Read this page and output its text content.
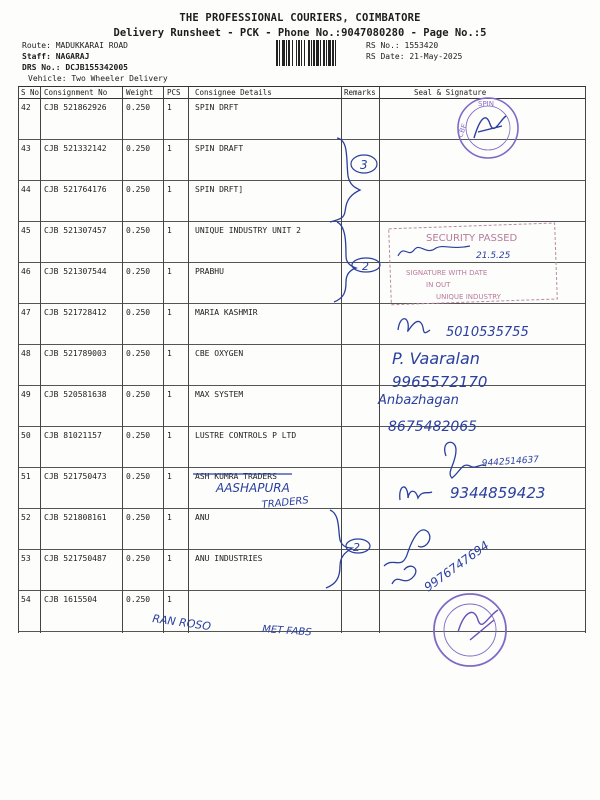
THE PROFESSIONAL COURIERS, COIMBATORE
Delivery Runsheet - PCK - Phone No.:9047080280 - Page No.:5
Route: MADUKKARAI ROAD
Staff: NAGARAJ
DRS No.: DCJB155342005
Vehicle: Two Wheeler Delivery
RS No.: 1553420
RS Date: 21-May-2025
S No Consignment No	Weight PCS Consignee Details	Remarks	Seal & Signature
42 CJB 521862926 0.250 1	SPIN DRFT
43 CJB 521332142 0.250 1	SPIN DRAFT
44 CJB 521764176 0.250 1	SPIN DRFT]
45 CJB 521307457 0.250 1	UNIQUE INDUSTRY UNIT 2
46 CJB 521307544 0.250 1	PRABHU
47 CJB 521728412 0.250 1	MARIA KASHMIR
48 CJB 521789003 0.250 1	CBE OXYGEN
49 CJB 520581638 0.250 1	MAX SYSTEM
50 CJB 81021157	0.250 1	LUSTRE CONTROLS P LTD
51 CJB 521750473 0.250 1	ASH KUMRA TRADERS
52 CJB 521808161 0.250 1	ANU
53 CJB 521750487 0.250 1	ANU INDUSTRIES
54 CJB 1615504	0.250 1
SPIN
CBE
3
2
SECURITY PASSED
SIGNATURE WITH DATE
IN OUT
UNIQUE INDUSTRY
21.5.25
5010535755
P. Vaaralan
9965572170
Anbazhagan
8675482065
9442514637
AASHAPURA
TRADERS
9344859423
2	9976747694
RAN ROSO	MET FABS
